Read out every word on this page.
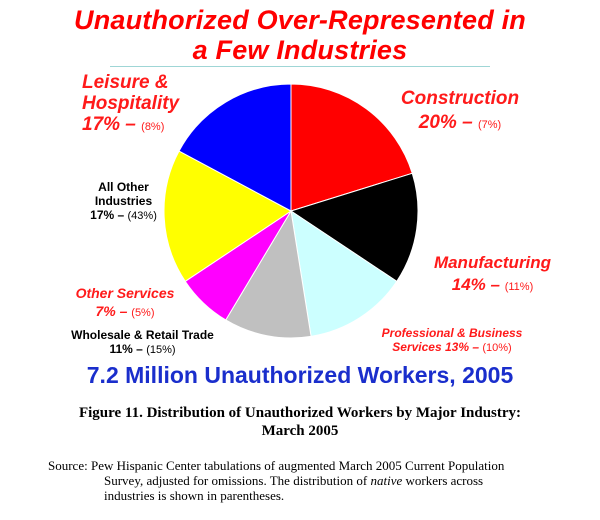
Unauthorized Over-Represented in
a Few Industries
Leisure &
Hospitality
17% – (8%)
Construction
20% – (7%)
All Other
Industries
17% – (43%)
Manufacturing
14% – (11%)
Other Services
7% – (5%)
Wholesale & Retail Trade
11% – (15%)
Professional & Business
Services 13% – (10%)
7.2 Million Unauthorized Workers, 2005
Figure 11. Distribution of Unauthorized Workers by Major Industry:
March 2005
Source: Pew Hispanic Center tabulations of augmented March 2005 Current Population
Survey, adjusted for omissions. The distribution of native workers across
industries is shown in parentheses.
